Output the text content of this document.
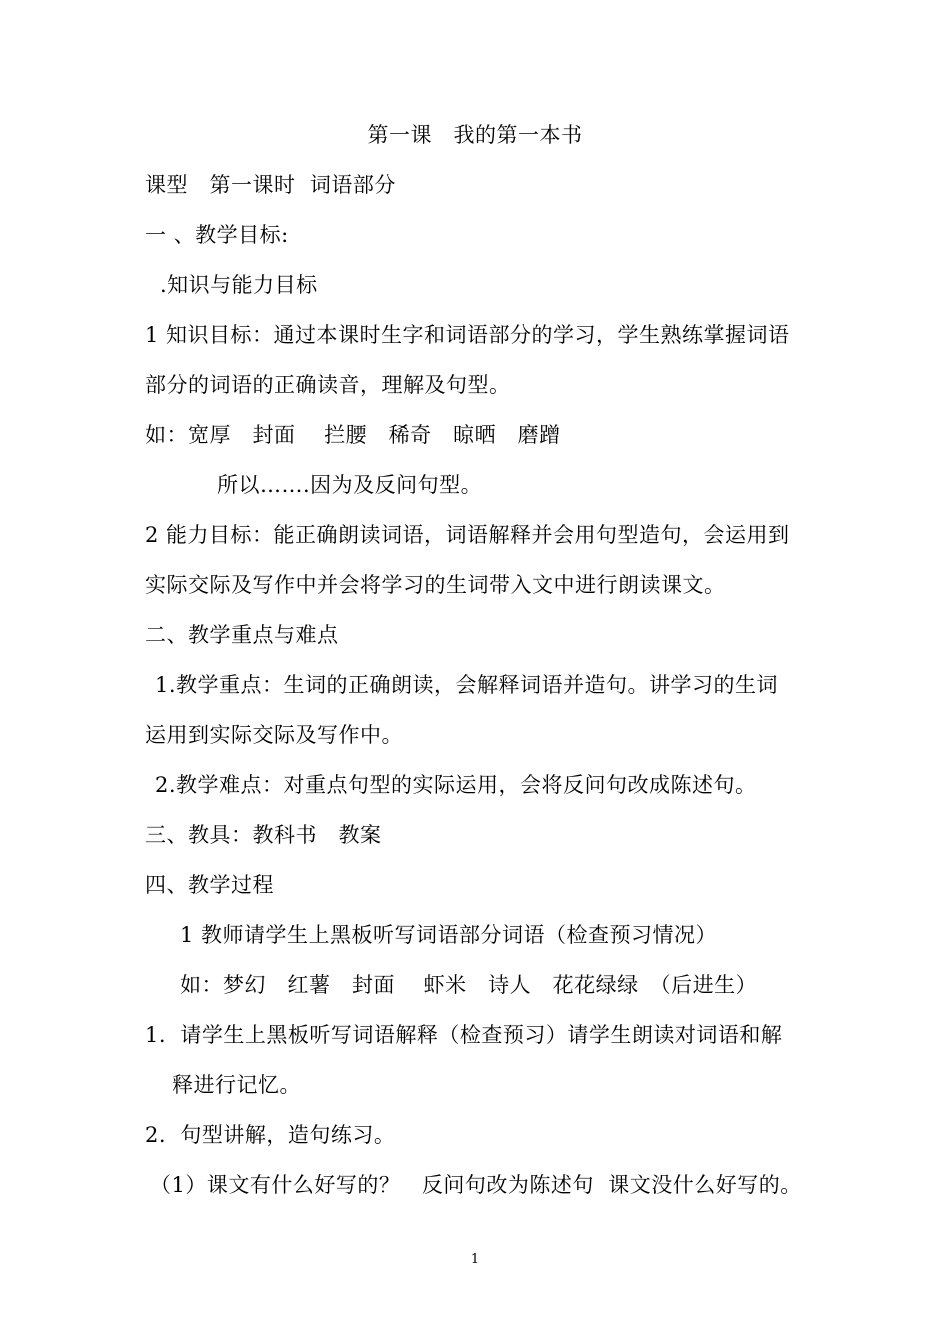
第一课　我的第一本书
课型　第一课时  词语部分
一 、教学目标:
.知识与能力目标
1 知识目标：通过本课时生字和词语部分的学习，学生熟练掌握词语
部分的词语的正确读音，理解及句型。
如：宽厚　封面　 拦腰　稀奇　晾晒　磨蹭
所以…….因为及反问句型。
2 能力目标：能正确朗读词语，词语解释并会用句型造句，会运用到
实际交际及写作中并会将学习的生词带入文中进行朗读课文。
二、教学重点与难点
1.教学重点：生词的正确朗读，会解释词语并造句。讲学习的生词
运用到实际交际及写作中。
2.教学难点：对重点句型的实际运用，会将反问句改成陈述句。
三、教具：教科书　教案
四、教学过程
1 教师请学生上黑板听写词语部分词语（检查预习情况）
如：梦幻　红薯　封面　 虾米　诗人　花花绿绿　（后进生）
1.  请学生上黑板听写词语解释（检查预习）请学生朗读对词语和解
释进行记忆。
2.  句型讲解，造句练习。
（1）课文有什么好写的？　反问句改为陈述句  课文没什么好写的。
1
